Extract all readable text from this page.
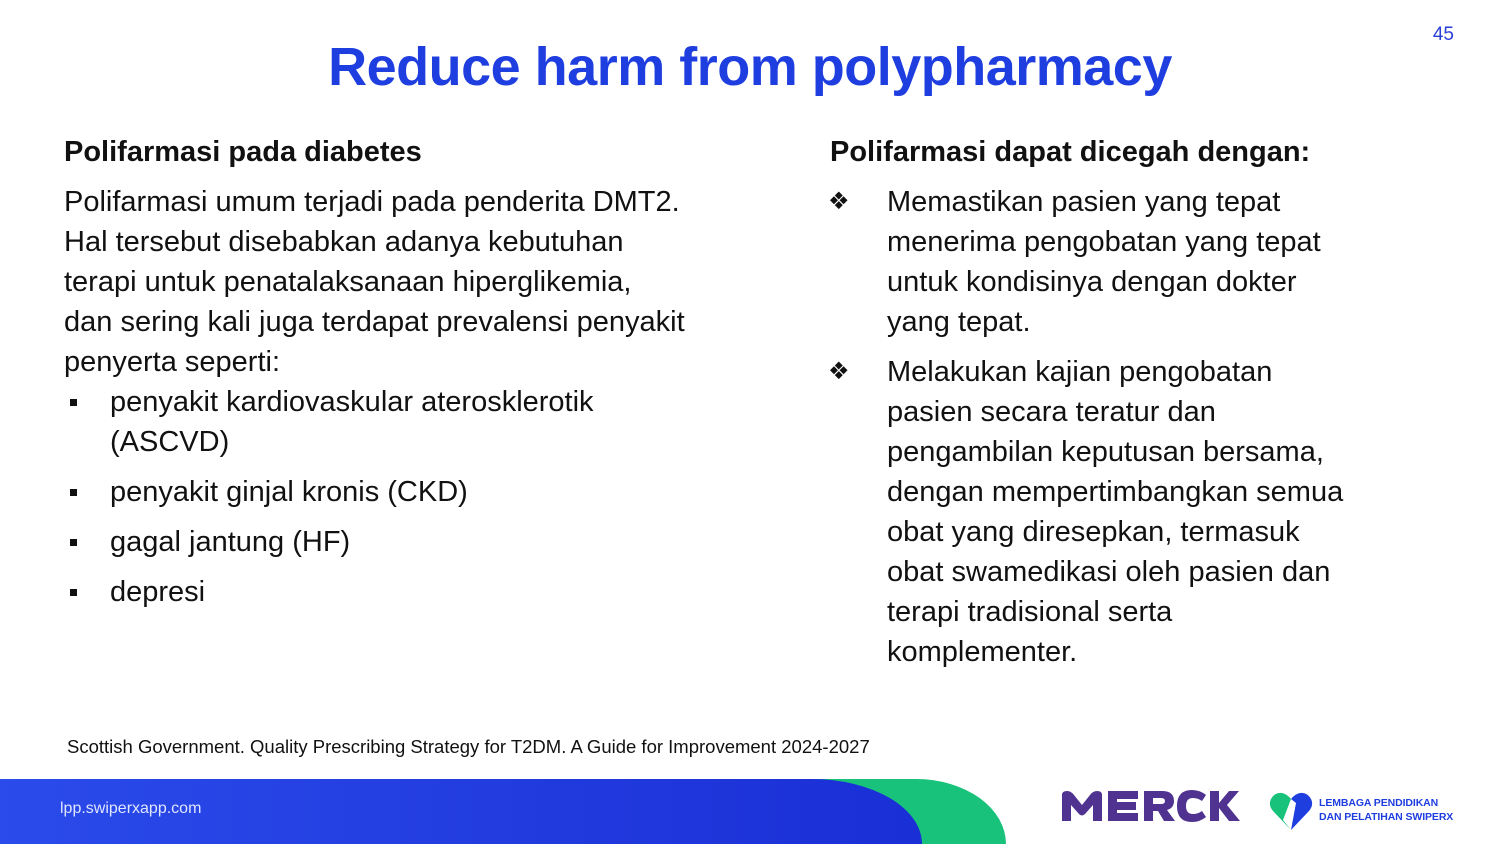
45
Reduce harm from polypharmacy
Polifarmasi pada diabetes
Polifarmasi umum terjadi pada penderita DMT2.
Hal tersebut disebabkan adanya kebutuhan
terapi untuk penatalaksanaan hiperglikemia,
dan sering kali juga terdapat prevalensi penyakit
penyerta seperti:
penyakit kardiovaskular aterosklerotik
(ASCVD)
penyakit ginjal kronis (CKD)
gagal jantung (HF)
depresi
Polifarmasi dapat dicegah dengan:
❖ Memastikan pasien yang tepat
menerima pengobatan yang tepat
untuk kondisinya dengan dokter
yang tepat.
❖ Melakukan kajian pengobatan
pasien secara teratur dan
pengambilan keputusan bersama,
dengan mempertimbangkan semua
obat yang diresepkan, termasuk
obat swamedikasi oleh pasien dan
terapi tradisional serta
komplementer.
Scottish Government. Quality Prescribing Strategy for T2DM. A Guide for Improvement 2024-2027
lpp.swiperxapp.com	LEMBAGA PENDIDIKAN
DAN PELATIHAN SWIPERX
